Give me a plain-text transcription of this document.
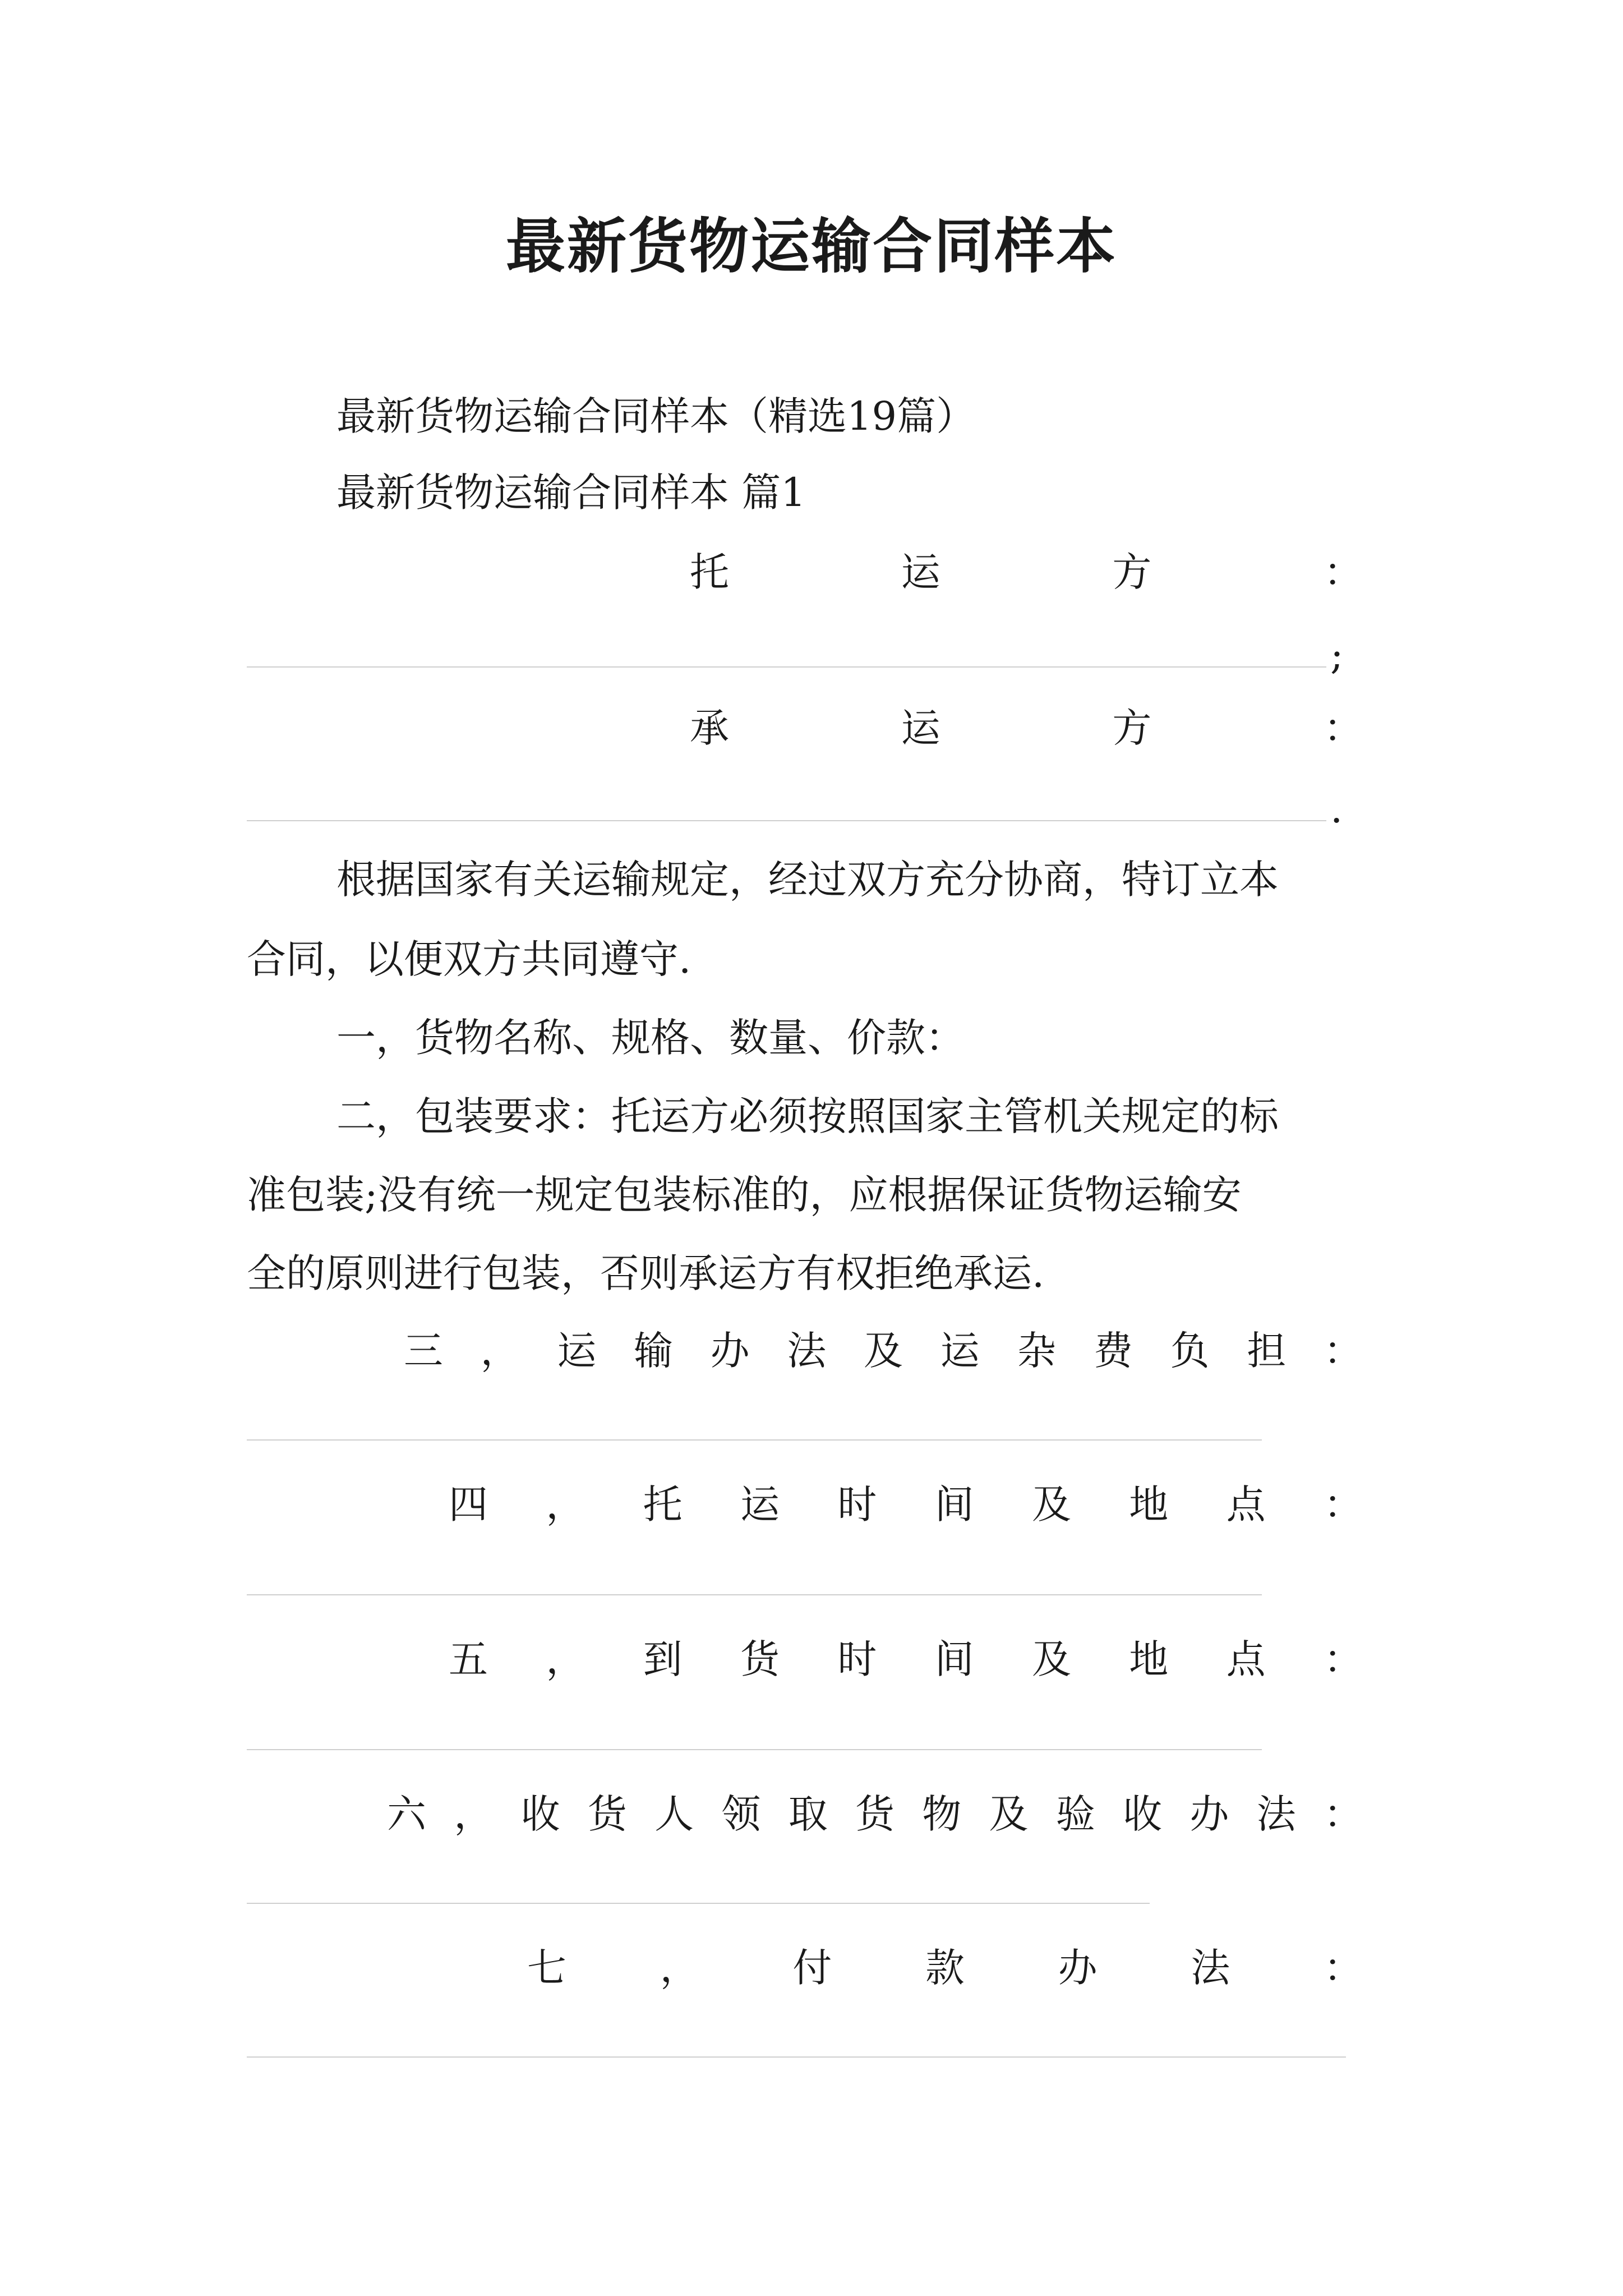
最新货物运输合同样本
最新货物运输合同样本（精选19篇）
最新货物运输合同样本 篇1
托	运	方	：
;
承	运	方	：
.
根据国家有关运输规定，经过双方充分协商，特订立本
合同，以便双方共同遵守.
一，货物名称、规格、数量、价款：
二，包装要求：托运方必须按照国家主管机关规定的标
准包装;没有统一规定包装标准的，应根据保证货物运输安
全的原则进行包装，否则承运方有权拒绝承运.
三 ， 运 输 办 法 及 运 杂 费 负 担 ：
四 ， 托 运 时 间 及 地 点 ：
五 ， 到 货 时 间 及 地 点 ：
六 ， 收 货 人 领 取 货 物 及 验 收 办 法 ：
七 ， 付 款 办 法 ：
